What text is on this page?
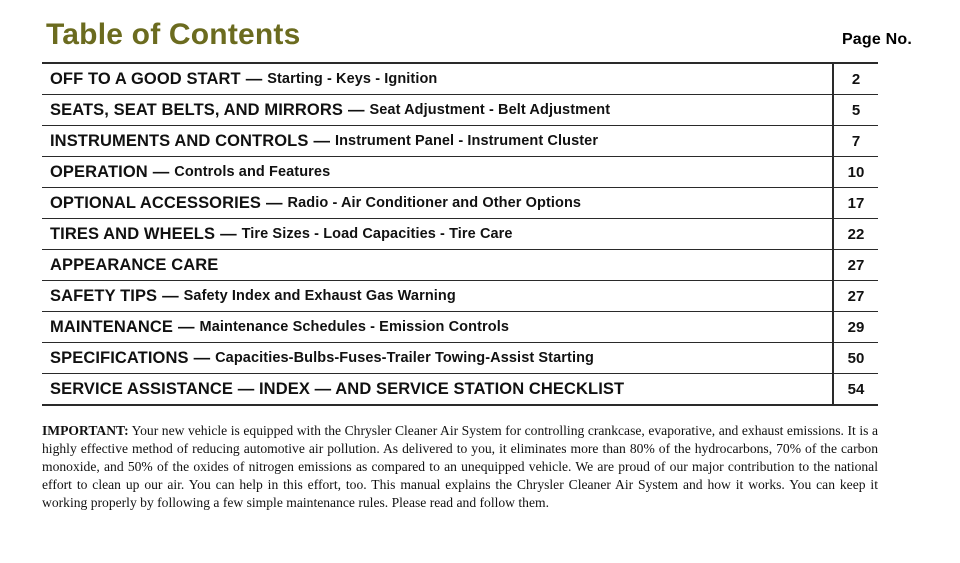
Table of Contents	Page No.
OFF TO A GOOD START — Starting - Keys - Ignition	2
SEATS, SEAT BELTS, AND MIRRORS — Seat Adjustment - Belt Adjustment	5
INSTRUMENTS AND CONTROLS — Instrument Panel - Instrument Cluster	7
OPERATION — Controls and Features	10
OPTIONAL ACCESSORIES — Radio - Air Conditioner and Other Options	17
TIRES AND WHEELS — Tire Sizes - Load Capacities - Tire Care	22
APPEARANCE CARE	27
SAFETY TIPS — Safety Index and Exhaust Gas Warning	27
MAINTENANCE — Maintenance Schedules - Emission Controls	29
SPECIFICATIONS — Capacities-Bulbs-Fuses-Trailer Towing-Assist Starting	50
SERVICE ASSISTANCE — INDEX — AND SERVICE STATION CHECKLIST	54
IMPORTANT: Your new vehicle is equipped with the Chrysler Cleaner Air System for controlling crankcase, evaporative, and exhaust emissions. It is a highly effective method of reducing automotive air pollution. As delivered to you, it eliminates more than 80% of the hydrocarbons, 70% of the carbon monoxide, and 50% of the oxides of nitrogen emissions as compared to an unequipped vehicle. We are proud of our major contribution to the national effort to clean up our air. You can help in this effort, too. This manual explains the Chrysler Cleaner Air System and how it works. You can keep it working properly by following a few simple maintenance rules. Please read and follow them.
